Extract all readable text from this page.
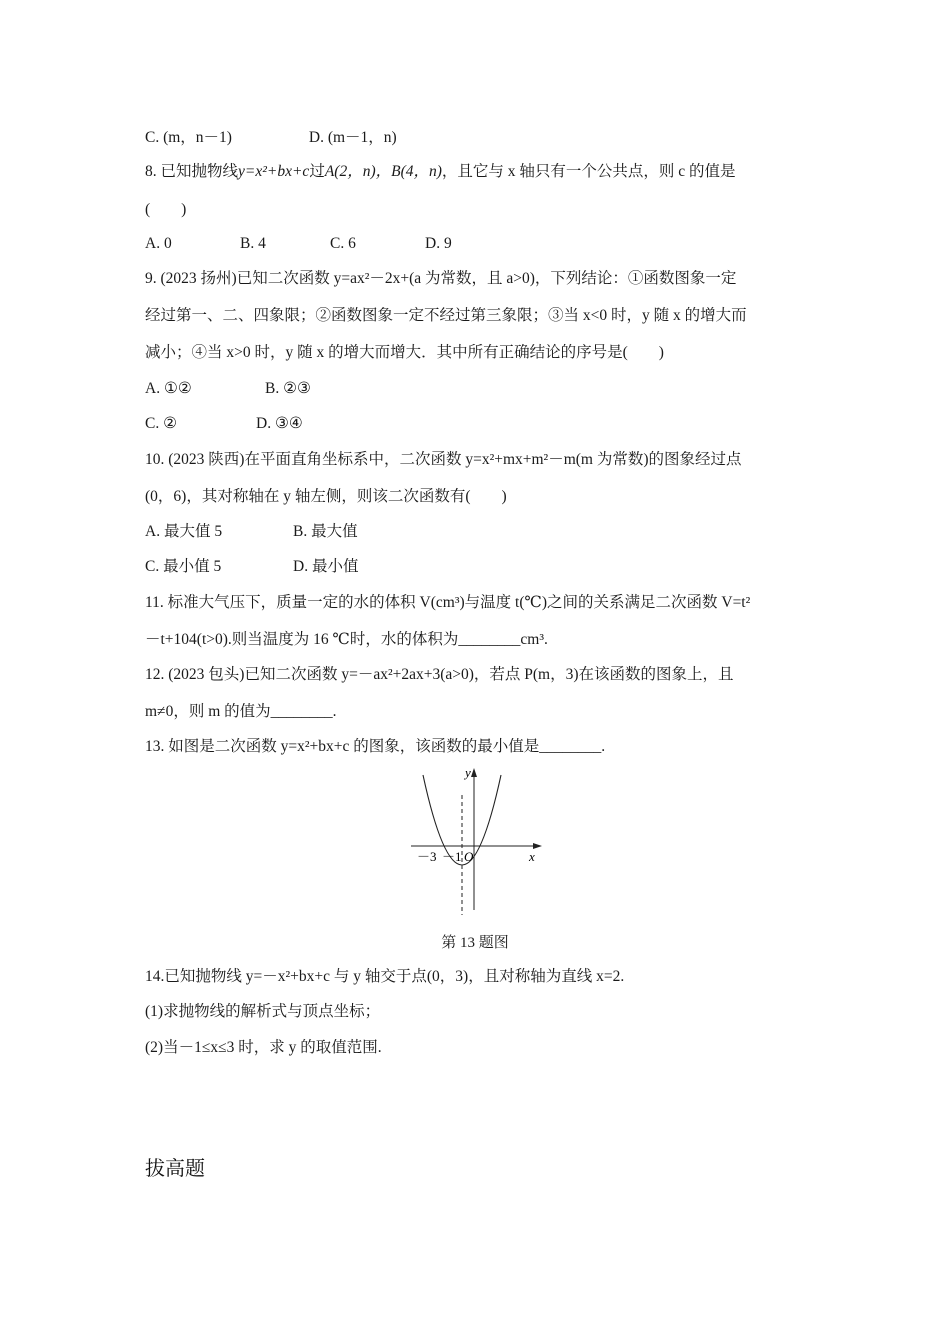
C. (m，n－1)	D. (m－1，n)
8. 已知抛物线y=x²+bx+c过A(2，n)，B(4，n)，且它与 x 轴只有一个公共点，则 c 的值是
(　　)
A. 0	B. 4	C. 6	D. 9
9. (2023 扬州)已知二次函数 y=ax²－2x+(a 为常数，且 a>0)，下列结论：①函数图象一定
经过第一、二、四象限；②函数图象一定不经过第三象限；③当 x<0 时，y 随 x 的增大而
减小；④当 x>0 时，y 随 x 的增大而增大．其中所有正确结论的序号是(　　)
A. ①②	B. ②③
C. ②	D. ③④
10. (2023 陕西)在平面直角坐标系中，二次函数 y=x²+mx+m²－m(m 为常数)的图象经过点
(0，6)，其对称轴在 y 轴左侧，则该二次函数有(　　)
A. 最大值 5	B. 最大值
C. 最小值 5	D. 最小值
11. 标准大气压下，质量一定的水的体积 V(cm³)与温度 t(℃)之间的关系满足二次函数 V=t²
－t+104(t>0).则当温度为 16 ℃时，水的体积为________cm³.
12. (2023 包头)已知二次函数 y=－ax²+2ax+3(a>0)，若点 P(m，3)在该函数的图象上，且
m≠0，则 m 的值为________.
13. 如图是二次函数 y=x²+bx+c 的图象，该函数的最小值是________.
y
x
－3 －1 O
第 13 题图
14.已知抛物线 y=－x²+bx+c 与 y 轴交于点(0，3)，且对称轴为直线 x=2.
(1)求抛物线的解析式与顶点坐标；
(2)当－1≤x≤3 时，求 y 的取值范围.
拔高题
